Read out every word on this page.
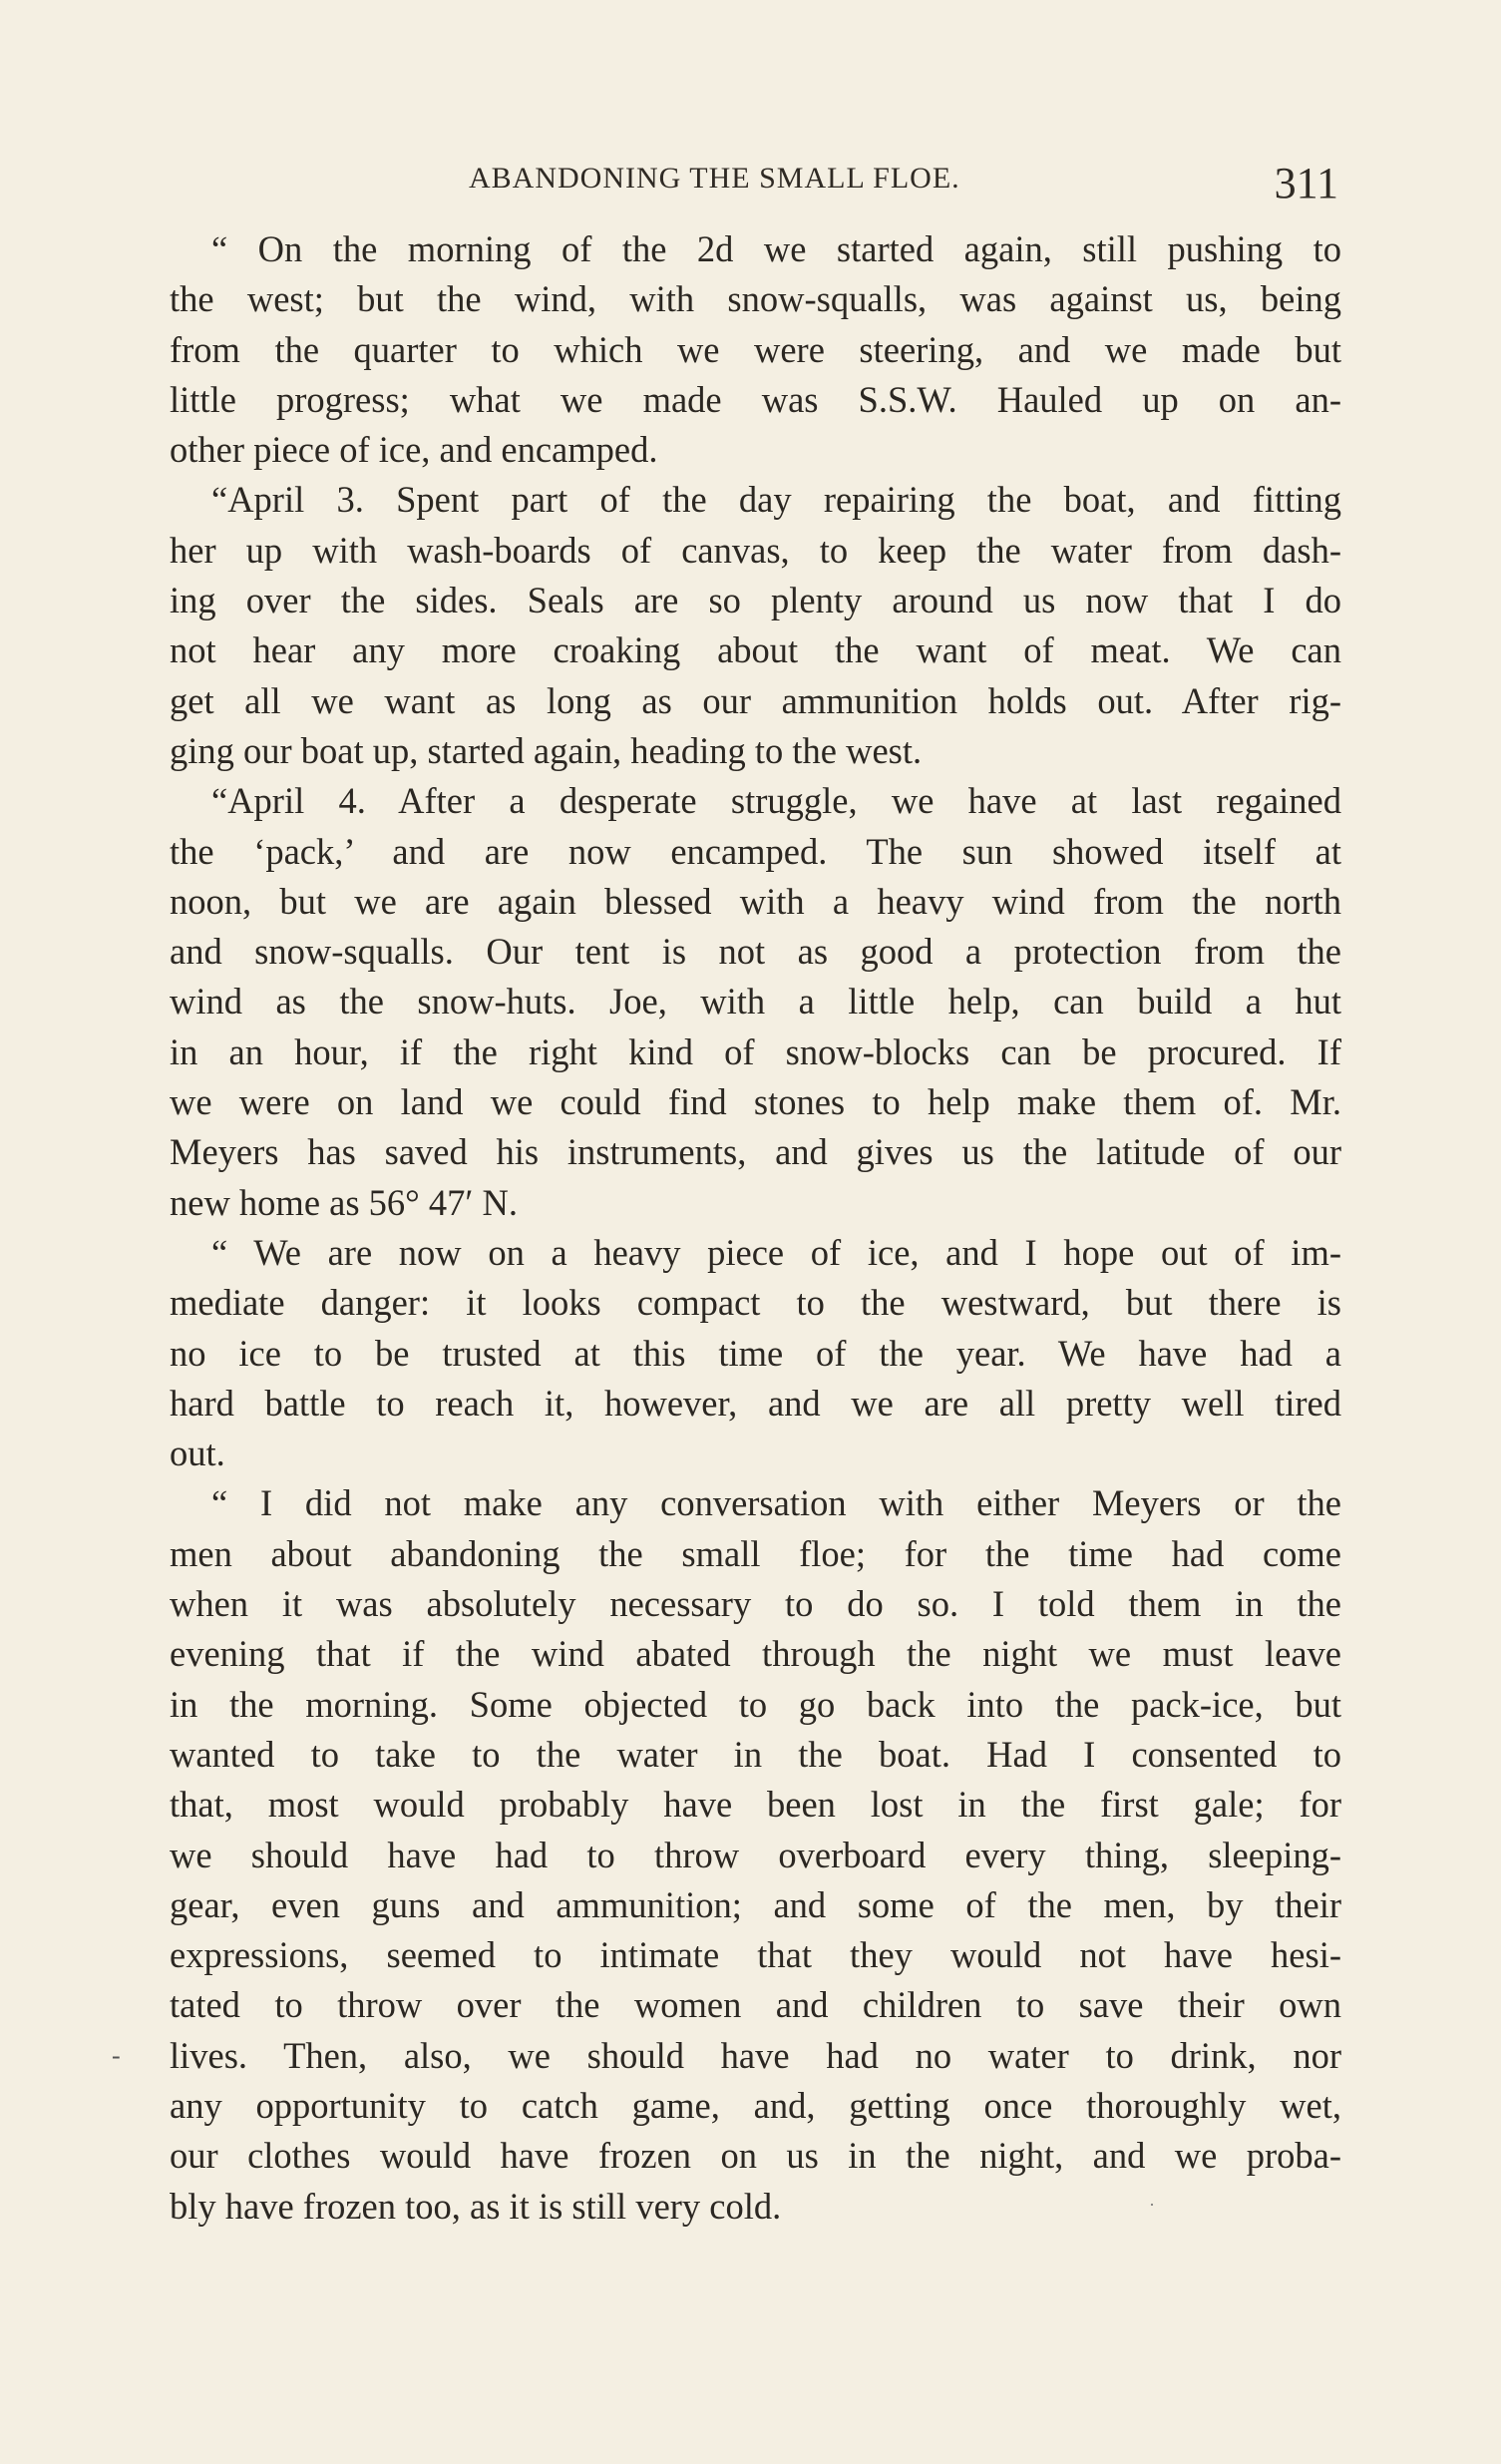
ABANDONING THE SMALL FLOE.	311
“ On the morning of the 2d we started again, still pushing to
the west; but the wind, with snow-squalls, was against us, being
from the quarter to which we were steering, and we made but
little progress; what we made was S.S.W. Hauled up on an-
other piece of ice, and encamped.
“April 3. Spent part of the day repairing the boat, and fitting
her up with wash-boards of canvas, to keep the water from dash-
ing over the sides. Seals are so plenty around us now that I do
not hear any more croaking about the want of meat. We can
get all we want as long as our ammunition holds out. After rig-
ging our boat up, started again, heading to the west.
“April 4. After a desperate struggle, we have at last regained
the ‘pack,’ and are now encamped. The sun showed itself at
noon, but we are again blessed with a heavy wind from the north
and snow-squalls. Our tent is not as good a protection from the
wind as the snow-huts. Joe, with a little help, can build a hut
in an hour, if the right kind of snow-blocks can be procured. If
we were on land we could find stones to help make them of. Mr.
Meyers has saved his instruments, and gives us the latitude of our
new home as 56° 47′ N.
“ We are now on a heavy piece of ice, and I hope out of im-
mediate danger: it looks compact to the westward, but there is
no ice to be trusted at this time of the year. We have had a
hard battle to reach it, however, and we are all pretty well tired
out.
“ I did not make any conversation with either Meyers or the
men about abandoning the small floe; for the time had come
when it was absolutely necessary to do so. I told them in the
evening that if the wind abated through the night we must leave
in the morning. Some objected to go back into the pack-ice, but
wanted to take to the water in the boat. Had I consented to
that, most would probably have been lost in the first gale; for
we should have had to throw overboard every thing, sleeping-
gear, even guns and ammunition; and some of the men, by their
expressions, seemed to intimate that they would not have hesi-
tated to throw over the women and children to save their own
lives. Then, also, we should have had no water to drink, nor
any opportunity to catch game, and, getting once thoroughly wet,
our clothes would have frozen on us in the night, and we proba-
bly have frozen too, as it is still very cold.
-
·
